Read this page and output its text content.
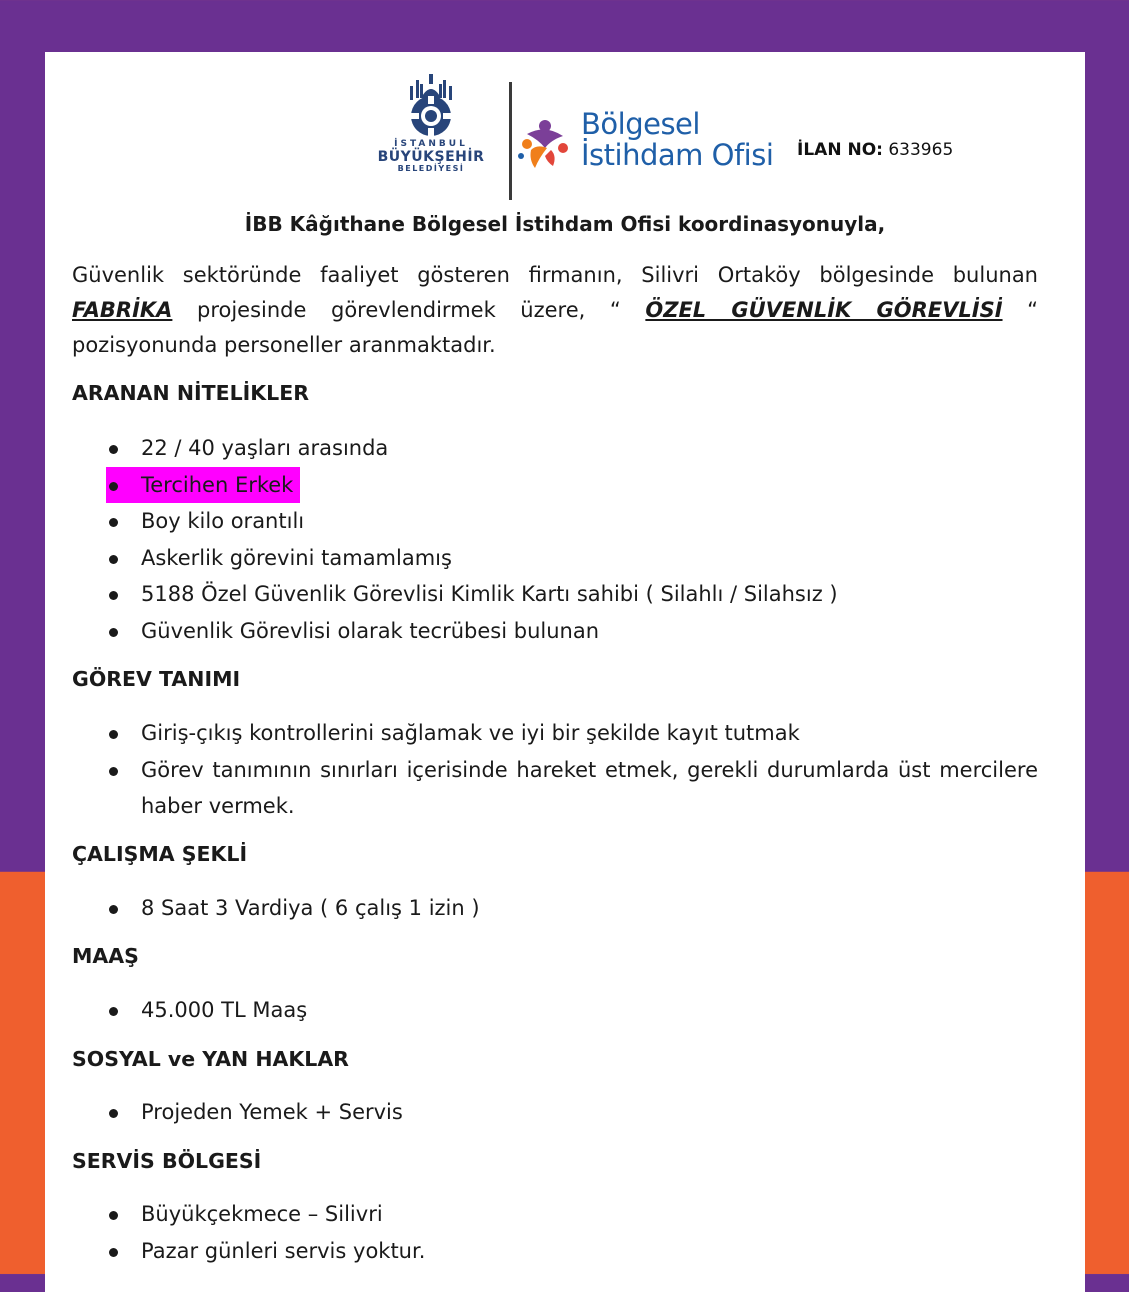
İSTANBUL
BÜYÜKŞEHİR
BELEDİYESİ
Bölgesel
İstihdam Ofisi İLAN NO: 633965
İBB Kâğıthane Bölgesel İstihdam Ofisi koordinasyonuyla,
Güvenlik sektöründe faaliyet gösteren firmanın, Silivri Ortaköy bölgesinde bulunan FABRİKA projesinde görevlendirmek üzere, “ ÖZEL GÜVENLİK GÖREVLİSİ “ pozisyonunda personeller aranmaktadır.
ARANAN NİTELİKLER
22 / 40 yaşları arasında
Tercihen Erkek
Boy kilo orantılı
Askerlik görevini tamamlamış
5188 Özel Güvenlik Görevlisi Kimlik Kartı sahibi ( Silahlı / Silahsız )
Güvenlik Görevlisi olarak tecrübesi bulunan
GÖREV TANIMI
Giriş-çıkış kontrollerini sağlamak ve iyi bir şekilde kayıt tutmak
Görev tanımının sınırları içerisinde hareket etmek, gerekli durumlarda üst mercilere haber vermek.
ÇALIŞMA ŞEKLİ
8 Saat 3 Vardiya ( 6 çalış 1 izin )
MAAŞ
45.000 TL Maaş
SOSYAL ve YAN HAKLAR
Projeden Yemek + Servis
SERVİS BÖLGESİ
Büyükçekmece – Silivri
Pazar günleri servis yoktur.
